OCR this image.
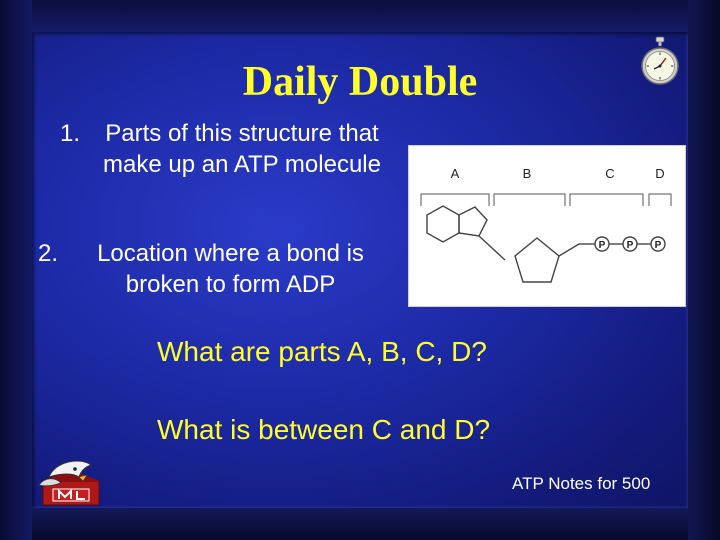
Daily Double
1.	Parts of this structure that make up an ATP molecule
2.	Location where a bond is broken to form ADP
A	B	C	D
P P P
What are parts A, B, C, D?
What is between C and D?
ATP Notes for 500
